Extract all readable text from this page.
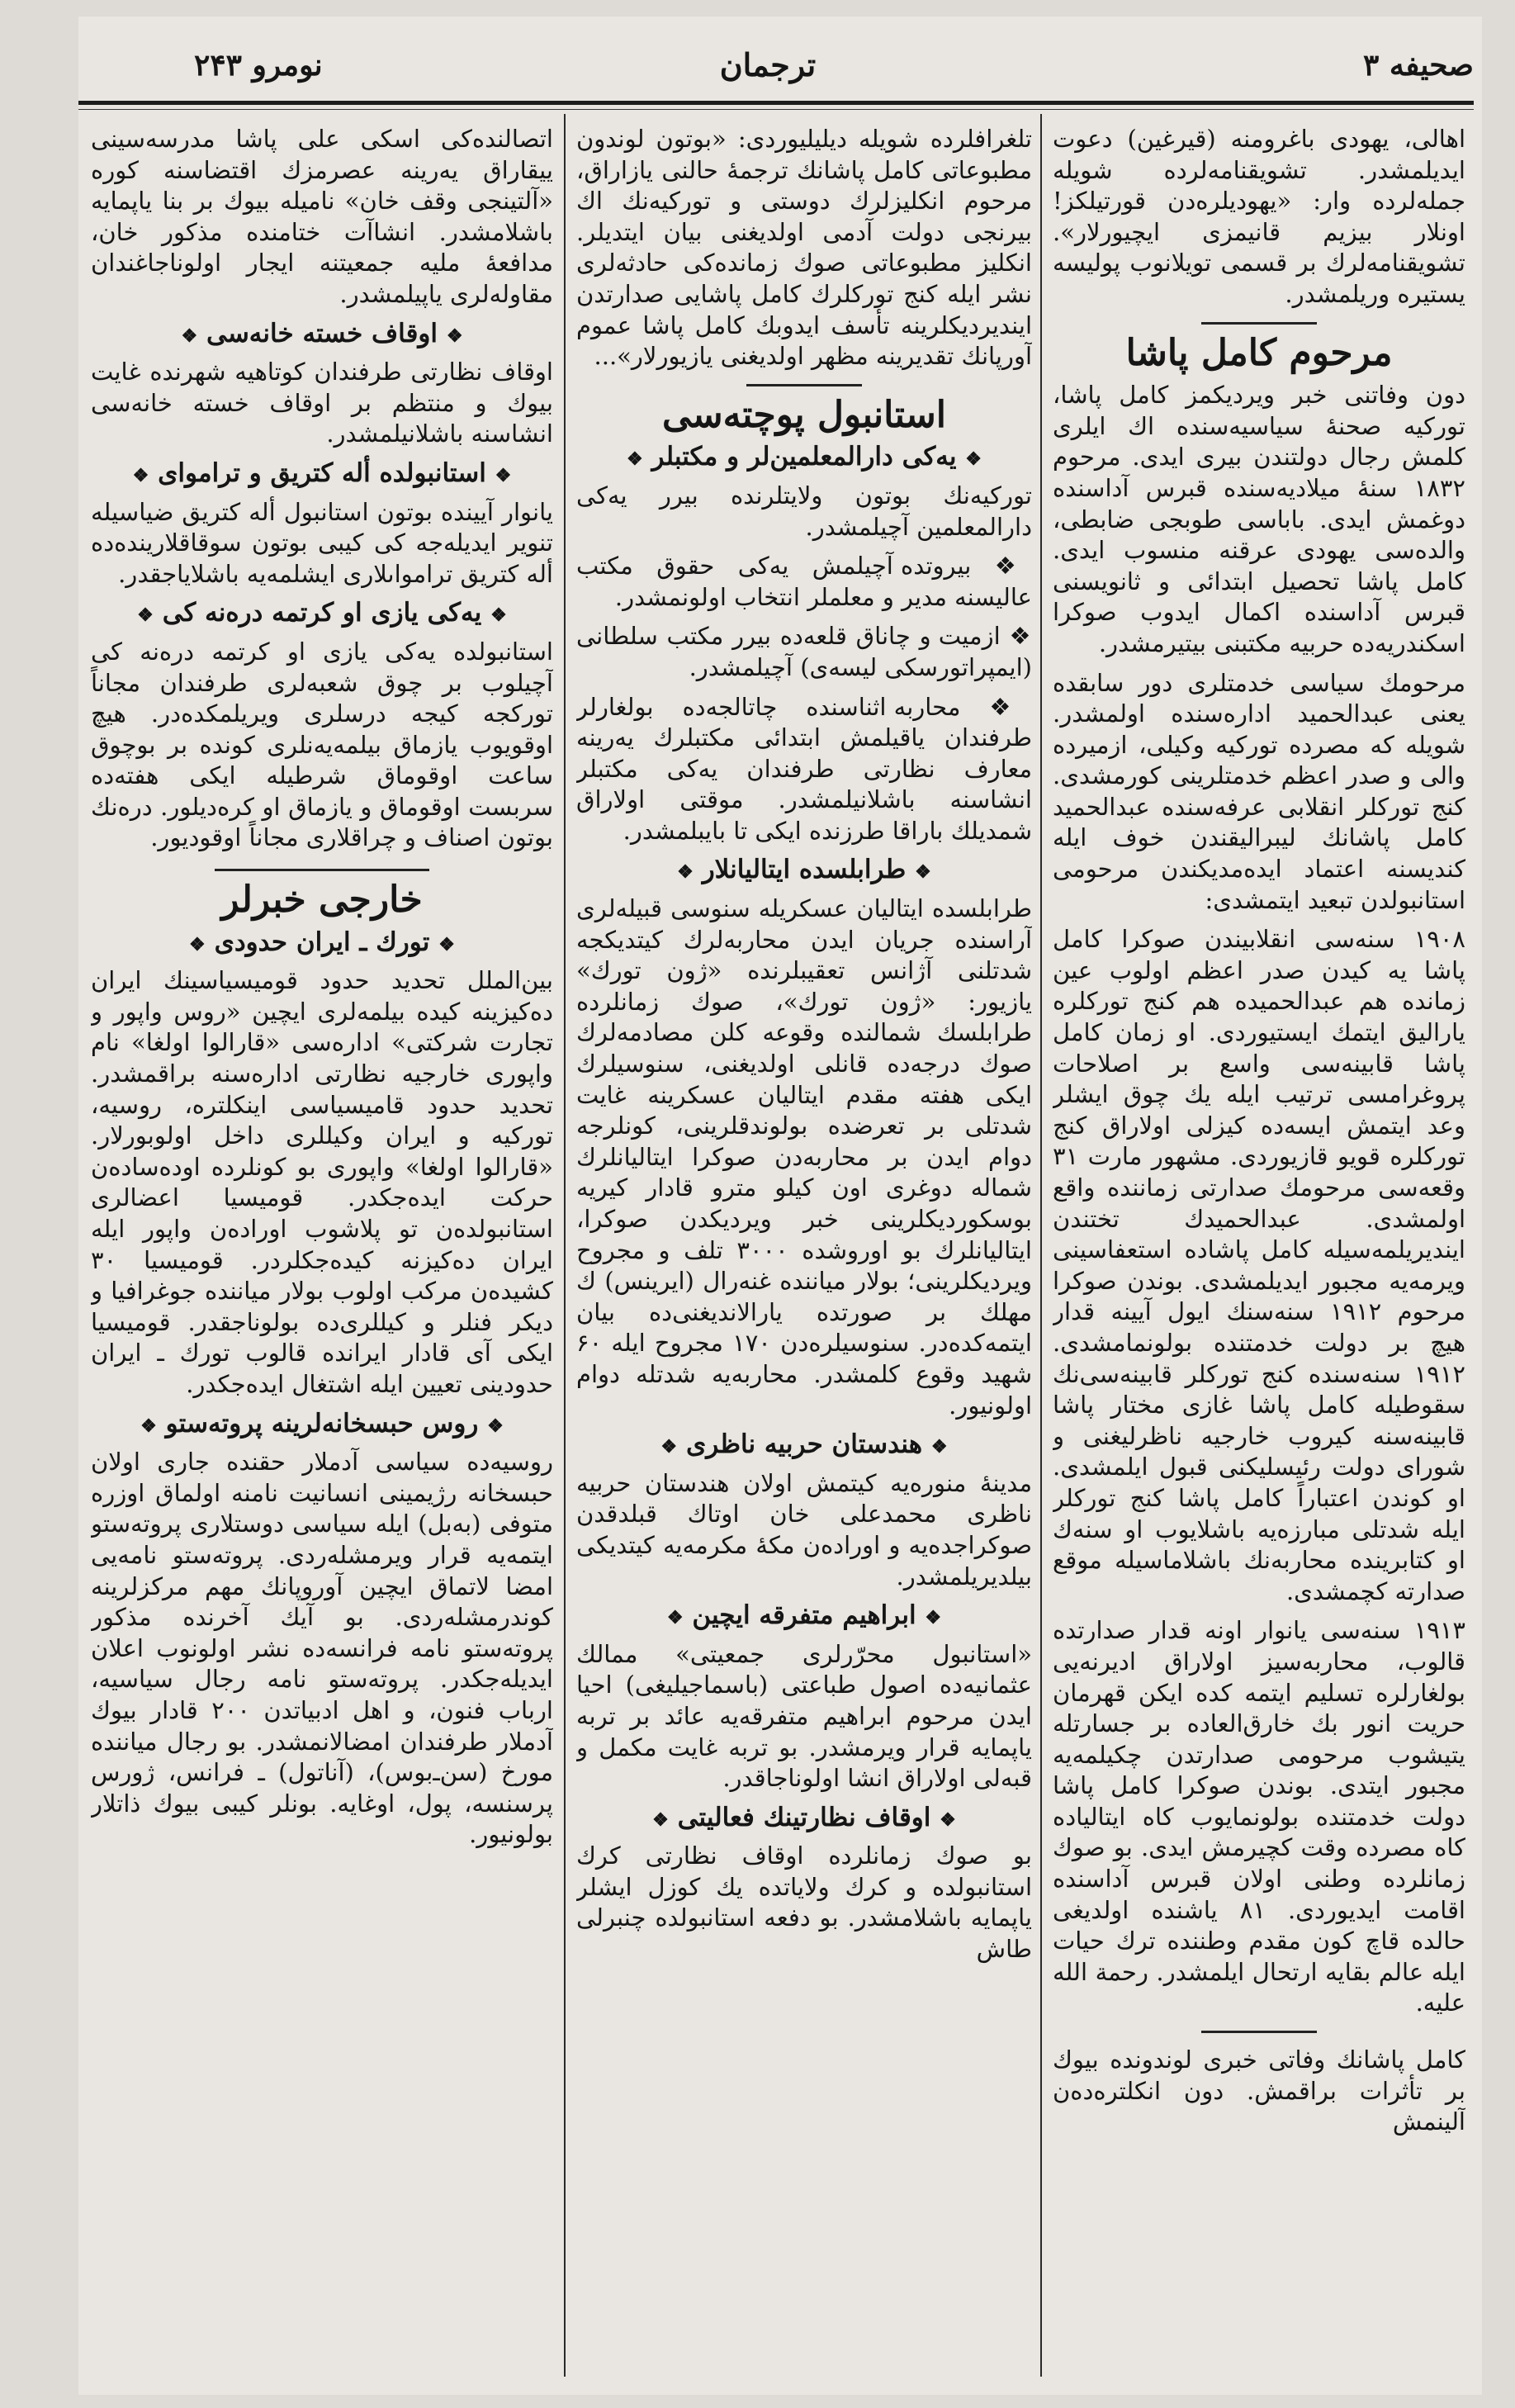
صحیفه ۳
ترجمان
نومرو ۲۴۳

اهالی، یهودی باغرومنه (قیرغین) دعوت ایدیلمشدر. تشویقنامه‌لرده شویله جمله‌لرده وار: «یهودیلره‌دن قورتیلکز! اونلار بیزیم قانیمزی ایچیورلار». تشویقنامه‌لرك بر قسمی تویلانوب پولیسه یستیره وریلمشدر.

مرحوم کامل پاشا

دون وفاتنی خبر ویردیکمز کامل پاشا، تورکیه صحنهٔ سیاسیه‌سنده اك ایلری کلمش رجال دولتندن بیری ایدی. مرحوم ۱۸۳۲ سنهٔ میلادیه‌سنده قبرس آداسنده دوغمش ایدی. باباسی طوبجی ضابطی، والده‌سی یهودی عرقنه منسوب ایدی. کامل پاشا تحصیل ابتدائی و ثانویسنی قبرس آداسنده اکمال ایدوب صوکرا اسکندریه‌ده حربیه مکتبنی بیتیرمشدر.

مرحومك سیاسی خدمتلری دور سابقده یعنی عبدالحمید اداره‌سنده اولمشدر. شویله که مصرده تورکیه وکیلی، ازمیرده والی و صدر اعظم خدمتلرینی کورمشدی. کنج تورکلر انقلابی عرفه‌سنده عبدالحمید کامل پاشانك لیبرالیقندن خوف ایله کندیسنه اعتماد ایده‌مدیکندن مرحومی استانبولدن تبعید ایتمشدی:

۱۹۰۸ سنه‌سی انقلابیندن صوکرا کامل پاشا یه کیدن صدر اعظم اولوب عین زمانده هم عبدالحمیده هم کنج تورکلره یارالیق ایتمك ایستیوردی. او زمان کامل پاشا قابینه‌سی واسع بر اصلاحات پروغرامسی ترتیب ایله یك چوق ایشلر وعد ایتمش ایسه‌ده کیزلی اولاراق کنج تورکلره قویو قازیوردی. مشهور مارت ۳۱ وقعه‌سی مرحومك صدارتی زماننده واقع اولمشدی. عبدالحمیدك تختندن ایندیریلمه‌سیله کامل پاشاده استعفاسینی ویرمه‌یه مجبور ایدیلمشدی. بوندن صوکرا مرحوم ۱۹۱۲ سنه‌سنك ایول آیینه قدار هیچ بر دولت خدمتنده بولونمامشدی. ۱۹۱۲ سنه‌سنده کنج تورکلر قابینه‌سی‌نك سقوطیله کامل پاشا غازی مختار پاشا قابینه‌سنه کیروب خارجیه ناظرلیغنی و شورای دولت رئیسلیکنی قبول ایلمشدی. او کوندن اعتباراً کامل پاشا کنج تورکلر ایله شدتلی مبارزه‌یه باشلایوب او سنه‌ك او کتابرینده محاربه‌نك باشلاماسیله موقع صدارته کچمشدی.

۱۹۱۳ سنه‌سی یانوار اونه قدار صدارتده قالوب، محاربه‌سیز اولاراق ادیرنه‌یی بولغارلره تسلیم ایتمه کده ایکن قهرمان حریت انور بك خارق‌العاده بر جسارتله یتیشوب مرحومی صدارتدن چکیلمه‌یه مجبور ایتدی. بوندن صوکرا کامل پاشا دولت خدمتنده بولونمایوب کاه ایتالیاده کاه مصرده وقت کچیرمش ایدی. بو صوك زمانلرده وطنی اولان قبرس آداسنده اقامت ایدیوردی. ۸۱ یاشنده اولدیغی حالده قاچ کون مقدم وطننده ترك حیات ایله عالم بقایه ارتحال ایلمشدر. رحمة الله علیه.

کامل پاشانك وفاتی خبری لوندونده بیوك بر تأثرات براقمش. دون انکلتره‌ده‌ن آلینمش

تلغرافلرده شویله دیلیلیوردی: «بوتون لوندون مطبوعاتی کامل پاشانك ترجمهٔ حالنی یازاراق، مرحوم انکلیزلرك دوستی و تورکیه‌نك اك بیرنجی دولت آدمی اولدیغنی بیان ایتدیلر. انکلیز مطبوعاتی صوك زمانده‌کی حادثه‌لری نشر ایله کنج تورکلرك کامل پاشایی صدارتدن ایندیردیکلرینه تأسف ایدوبك کامل پاشا عموم آورپانك تقدیرینه مظهر اولدیغنی یازیورلار»...

استانبول پوچته‌سی
❖ یه‌کی دارالمعلمین‌لر و مکتبلر ❖

تورکیه‌نك بوتون ولایتلرنده بیرر یه‌کی دارالمعلمین آچیلمشدر.

❖ بیروتده آچیلمش یه‌کی حقوق مکتب عالیسنه مدیر و معلملر انتخاب اولونمشدر.

❖ ازمیت و چاناق قلعه‌ده بیرر مکتب سلطانی (ایمپراتورسکی لیسه‌ی) آچیلمشدر.

❖ محاربه اثناسنده چاتالجه‌ده بولغارلر طرفندان یاقیلمش ابتدائی مکتبلرك یه‌رینه معارف نظارتی طرفندان یه‌کی مکتبلر انشاسنه باشلانیلمشدر. موقتی اولاراق شمدیلك باراقا طرزنده ایکی تا بایبلمشدر.

❖ طرابلسده ایتالیانلار ❖

طرابلسده ایتالیان عسکریله سنوسی قبیله‌لری آراسنده جریان ایدن محاربه‌لرك کیتدیکجه شدتلنی آژانس تعقیبلرنده «ژون تورك» یازیور: «ژون تورك»، صوك زمانلرده طرابلسك شمالنده وقوعه کلن مصادمه‌لرك صوك درجه‌ده قانلی اولدیغنی، سنوسیلرك ایکی هفته مقدم ایتالیان عسکرینه غایت شدتلی بر تعرضده بولوندقلرینی، کونلرجه دوام ایدن بر محاربه‌دن صوکرا ایتالیانلرك شماله دوغری اون کیلو مترو قادار کیریه بوسکوردیکلرینی خبر ویردیکدن صوکرا، ایتالیانلرك بو اوروشده ۳۰۰۰ تلف و مجروح ویردیکلرینی؛ بولار میاننده غنه‌رال (ایرینس) ك مهلك بر صورتده یارالاندیغنی‌ده بیان ایتمه‌کده‌در. سنوسیلره‌دن ۱۷۰ مجروح ایله ۶۰ شهید وقوع کلمشدر. محاربه‌یه شدتله دوام اولونیور.

❖ هندستان حربیه ناظری ❖

مدینهٔ منوره‌یه کیتمش اولان هندستان حربیه ناظری محمدعلی خان اوتاك قبلدقدن صوکراجده‌یه و اوراده‌ن مکهٔ مکرمه‌یه کیتدیکی بیلدیریلمشدر.

❖ ابراهیم متفرقه ایچین ❖

«استانبول محرّرلری جمعیتی» ممالك عثمانیه‌ده اصول طباعتی (باسماجیلیغی) احیا ایدن مرحوم ابراهیم متفرقه‌یه عائد بر تربه یاپمایه قرار ویرمشدر. بو تربه غایت مکمل و قبه‌لی اولاراق انشا اولوناجاقدر.

❖ اوقاف نظارتینك فعالیتی ❖

بو صوك زمانلرده اوقاف نظارتی کرك استانبولده و کرك ولایاتده یك کوزل ایشلر یاپمایه باشلامشدر. بو دفعه استانبولده چنبرلی طاش

اتصالنده‌کی اسکی علی پاشا مدرسه‌سینی ییقاراق یه‌رینه عصرمزك اقتضاسنه کوره «آلتینجی وقف خان» نامیله بیوك بر بنا یاپمایه باشلامشدر. انشاآت ختامنده مذکور خان، مدافعهٔ ملیه جمعیتنه ایجار اولوناجاغندان مقاوله‌لری یاپیلمشدر.

❖ اوقاف خسته خانه‌سی ❖

اوقاف نظارتی طرفندان کوتاهیه شهرنده غایت بیوك و منتظم بر اوقاف خسته خانه‌سی انشاسنه باشلانیلمشدر.

❖ استانبولده أله کتریق و ترامواى ❖

یانوار آیینده بوتون استانبول أله کتریق ضیاسیله تنویر ایدیله‌جه کی کیبی بوتون سوقاقلارینده‌ده أله کتریق ترامواىلاری ایشلمه‌یه باشلایاجقدر.

❖ یه‌کی یازی او کرتمه دره‌نه کی ❖

استانبولده یه‌کی یازی او کرتمه دره‌نه کی آچیلوب بر چوق شعبه‌لری طرفندان مجاناً تورکجه کیجه درسلری ویریلمکده‌در. هیچ اوقویوب یازماق بیلمه‌یه‌نلری کونده بر بوچوق ساعت اوقوماق شرطیله ایکی هفته‌ده سربست اوقوماق و یازماق او کره‌دیلور. دره‌نك بوتون اصناف و چراقلاری مجاناً اوقودیور.

خارجی خبرلر
❖ تورك ـ ایران حدودی ❖

بین‌الملل تحدید حدود قومیسیاسینك ایران ده‌کیزینه کیده بیلمه‌لری ایچین «روس واپور و تجارت شرکتی» اداره‌سی «قارالوا اولغا» نام واپوری خارجیه نظارتی اداره‌سنه براقمشدر. تحدید حدود قامیسیاسی اینکلتره، روسیه، تورکیه و ایران وکیللری داخل اولوبورلار. «قارالوا اولغا» واپوری بو کونلرده اوده‌ساده‌ن حرکت ایده‌جکدر. قومیسیا اعضالری استانبولده‌ن تو پلاشوب اوراده‌ن واپور ایله ایران ده‌کیزنه کیده‌جکلردر. قومیسیا ۳۰ کشیده‌ن مرکب اولوب بولار میاننده جوغرافیا و دیکر فنلر و کیللری‌ده بولوناجقدر. قومیسیا ایکی آی قادار ایرانده قالوب تورك ـ ایران حدودینی تعیین ایله اشتغال ایده‌جکدر.

❖ روس حبسخانه‌لرینه پروته‌ستو ❖

روسیه‌ده سیاسی آدملار حقنده جاری اولان حبسخانه رژیمینی انسانیت نامنه اولماق اوزره متوفی (به‌بل) ایله سیاسی دوستلاری پروته‌ستو ایتمه‌یه قرار ویرمشله‌ردی. پروته‌ستو نامه‌یی امضا لاتماق ایچین آوروپانك مهم مرکزلرینه کوندرمشله‌ردی. بو آیك آخرنده مذکور پروته‌ستو نامه فرانسه‌ده نشر اولونوب اعلان ایدیله‌جکدر. پروته‌ستو نامه رجال سیاسیه، ارباب فنون، و اهل ادبیاتدن ۲۰۰ قادار بیوك آدملار طرفندان امضالانمشدر. بو رجال میاننده مورخ (سن‌ـ‌بوس)، (آناتول) ـ فرانس، ژورس پرسنسه، پول، اوغایه. بونلر کیبی بیوك ذاتلار بولونیور.
